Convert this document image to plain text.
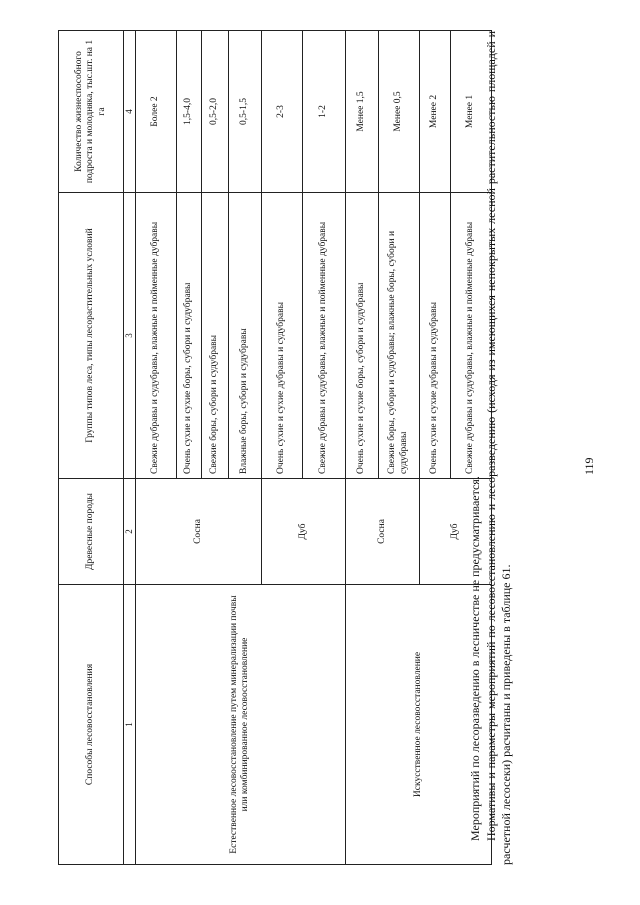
Способы лесовосстановления	Древесные породы	Группы типов леса, типы лесорастительных условий	Количество жизнеспособного подроста и молодняка, тыс.шт. на 1 га
1	2	3	4
Естественное лесовосстановление путем минерализации почвы или комбинированное лесовосстановление	Сосна	Свежие дубравы и судубравы, влажные и пойменные дубравы	Более 2
		Очень сухие и сухие боры, субори и судубравы	1,5-4,0
		Свежие боры, субори и судубравы	0,5-2,0
		Влажные боры, субори и судубравы	0,5-1,5
	Дуб	Очень сухие и сухие дубравы и судубравы	2-3
		Свежие дубравы и судубравы, влажные и пойменные дубравы	1-2
Искусственное лесовосстановление	Сосна	Очень сухие и сухие боры, субори и судубравы	Менее 1,5
		Свежие боры, субори и судубравы; влажные боры, субори и судубравы	Менее 0,5
	Дуб	Очень сухие и сухие дубравы и судубравы	Менее 2
		Свежие дубравы и судубравы, влажные и пойменные дубравы	Менее 1

Мероприятий по лесоразведению в лесничестве не предусматривается. Нормативы и параметры мероприятий по лесовосстановлению и лесоразведению (исходя из имеющихся непокрытых лесной растительностью площадей и расчетной лесосеки) расчитаны и приведены в таблице 61.

119
